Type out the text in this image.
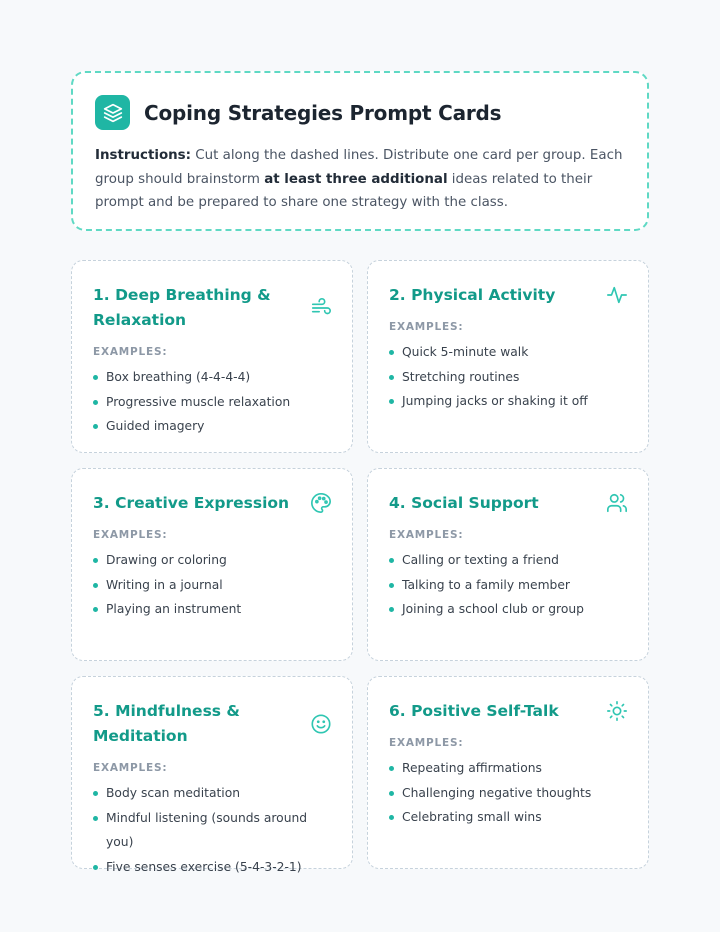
Coping Strategies Prompt Cards
Instructions: Cut along the dashed lines. Distribute one card per group. Each group should brainstorm at least three additional ideas related to their prompt and be prepared to share one strategy with the class.
1. Deep Breathing & Relaxation
EXAMPLES:
Box breathing (4-4-4-4)
Progressive muscle relaxation
Guided imagery
2. Physical Activity
EXAMPLES:
Quick 5-minute walk
Stretching routines
Jumping jacks or shaking it off
3. Creative Expression
EXAMPLES:
Drawing or coloring
Writing in a journal
Playing an instrument
4. Social Support
EXAMPLES:
Calling or texting a friend
Talking to a family member
Joining a school club or group
5. Mindfulness & Meditation
EXAMPLES:
Body scan meditation
Mindful listening (sounds around you)
Five senses exercise (5-4-3-2-1)
6. Positive Self-Talk
EXAMPLES:
Repeating affirmations
Challenging negative thoughts
Celebrating small wins
